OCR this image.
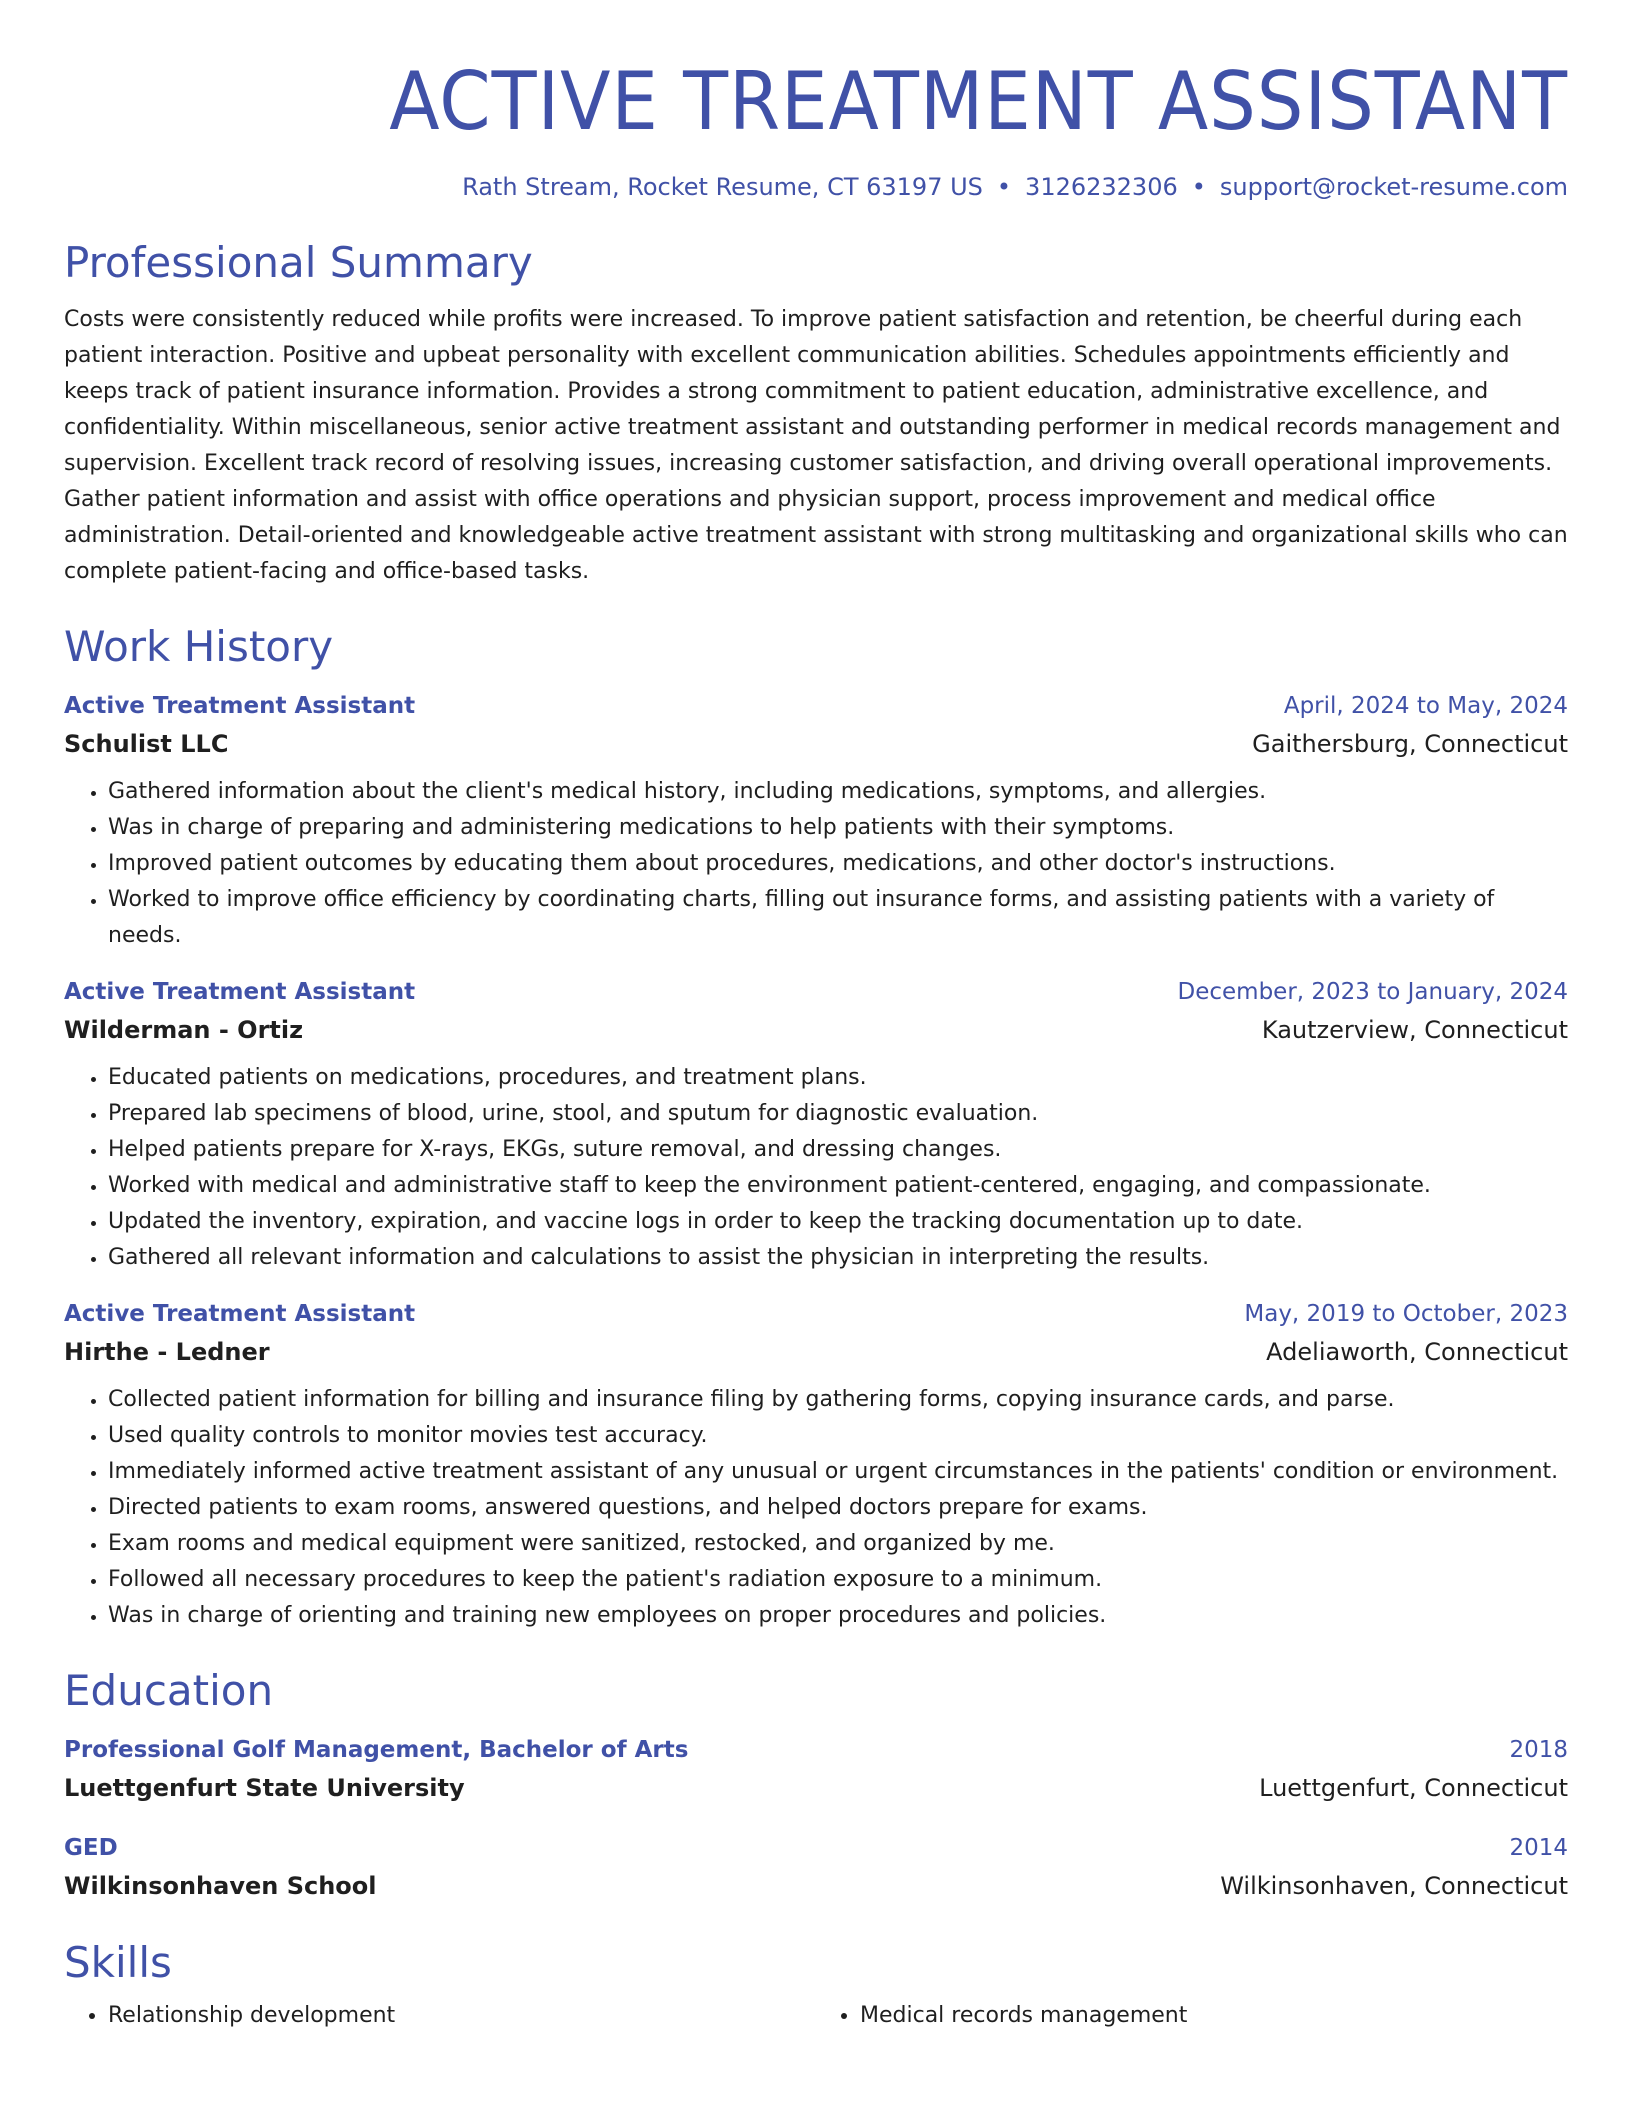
ACTIVE TREATMENT ASSISTANT
Rath Stream, Rocket Resume, CT 63197 US • 3126232306 • support@rocket-resume.com
Professional Summary
Costs were consistently reduced while profits were increased. To improve patient satisfaction and retention, be cheerful during each patient interaction. Positive and upbeat personality with excellent communication abilities. Schedules appointments efficiently and keeps track of patient insurance information. Provides a strong commitment to patient education, administrative excellence, and confidentiality. Within miscellaneous, senior active treatment assistant and outstanding performer in medical records management and supervision. Excellent track record of resolving issues, increasing customer satisfaction, and driving overall operational improvements. Gather patient information and assist with office operations and physician support, process improvement and medical office administration. Detail-oriented and knowledgeable active treatment assistant with strong multitasking and organizational skills who can complete patient-facing and office-based tasks.
Work History
Active Treatment Assistant	April, 2024 to May, 2024
Schulist LLC	Gaithersburg, Connecticut
• Gathered information about the client's medical history, including medications, symptoms, and allergies.
• Was in charge of preparing and administering medications to help patients with their symptoms.
• Improved patient outcomes by educating them about procedures, medications, and other doctor's instructions.
• Worked to improve office efficiency by coordinating charts, filling out insurance forms, and assisting patients with a variety of needs.
Active Treatment Assistant	December, 2023 to January, 2024
Wilderman - Ortiz	Kautzerview, Connecticut
• Educated patients on medications, procedures, and treatment plans.
• Prepared lab specimens of blood, urine, stool, and sputum for diagnostic evaluation.
• Helped patients prepare for X-rays, EKGs, suture removal, and dressing changes.
• Worked with medical and administrative staff to keep the environment patient-centered, engaging, and compassionate.
• Updated the inventory, expiration, and vaccine logs in order to keep the tracking documentation up to date.
• Gathered all relevant information and calculations to assist the physician in interpreting the results.
Active Treatment Assistant	May, 2019 to October, 2023
Hirthe - Ledner	Adeliaworth, Connecticut
• Collected patient information for billing and insurance filing by gathering forms, copying insurance cards, and parse.
• Used quality controls to monitor movies test accuracy.
• Immediately informed active treatment assistant of any unusual or urgent circumstances in the patients' condition or environment.
• Directed patients to exam rooms, answered questions, and helped doctors prepare for exams.
• Exam rooms and medical equipment were sanitized, restocked, and organized by me.
• Followed all necessary procedures to keep the patient's radiation exposure to a minimum.
• Was in charge of orienting and training new employees on proper procedures and policies.
Education
Professional Golf Management, Bachelor of Arts	2018
Luettgenfurt State University	Luettgenfurt, Connecticut
GED	2014
Wilkinsonhaven School	Wilkinsonhaven, Connecticut
Skills
• Relationship development
•	Medical records management
